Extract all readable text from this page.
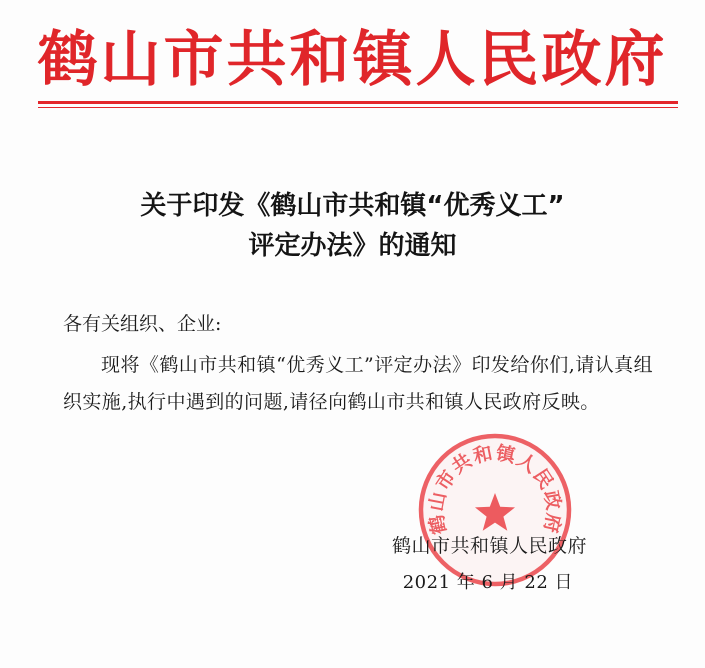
鹤山市共和镇人民政府
关于印发《鹤山市共和镇“优秀义工”
评定办法》的通知
各有关组织、企业:
现将《鹤山市共和镇“优秀义工”评定办法》印发给你们,请认真组织实施,执行中遇到的问题,请径向鹤山市共和镇人民政府反映。
鹤山市共和镇人民政府
鹤山市共和镇人民政府
2021 年 6 月 22 日
